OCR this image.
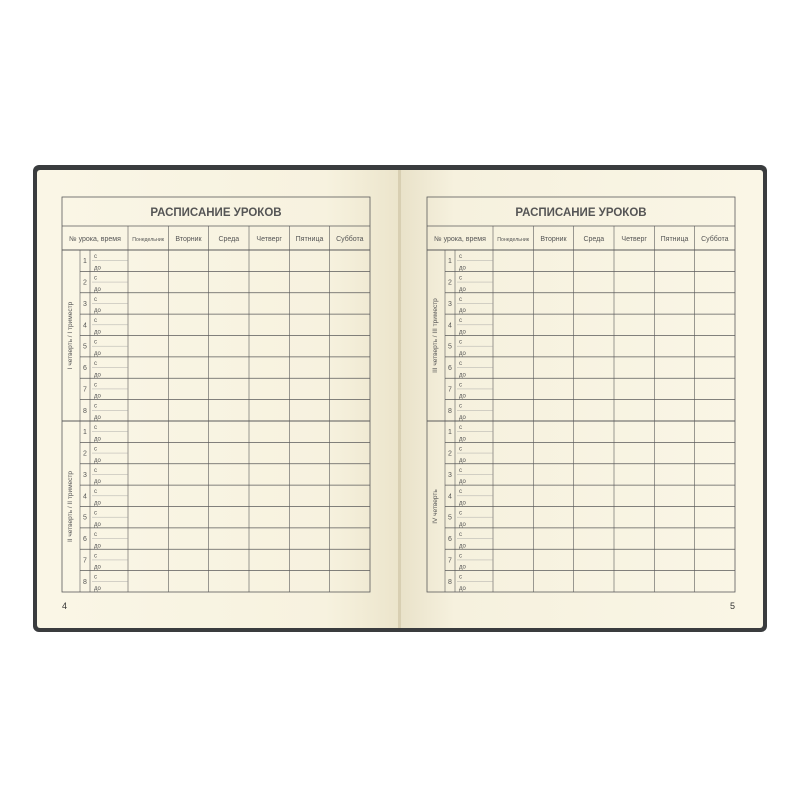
РАСПИСАНИЕ УРОКОВ
№ урока, время Понедельник Вторник Среда Четверг Пятница Суббота
I четверть / I триместр
1
с
до
2
с
до
3
с
до
4
с
до
5
с
до
6
с
до
7
с
до
8
с
до
II четверть / II триместр
1
с
до
2
с
до
3
с
до
4
с
до
5
с
до
6
с
до
7
с
до
8
с
до
РАСПИСАНИЕ УРОКОВ
№ урока, время Понедельник Вторник Среда Четверг Пятница Суббота
III четверть / III триместр
1
с
до
2
с
до
3
с
до
4
с
до
5
с
до
6
с
до
7
с
до
8
с
до
IV четверть
1
с
до
2
с
до
3
с
до
4
с
до
5
с
до
6
с
до
7
с
до
8
с
до
4	5
